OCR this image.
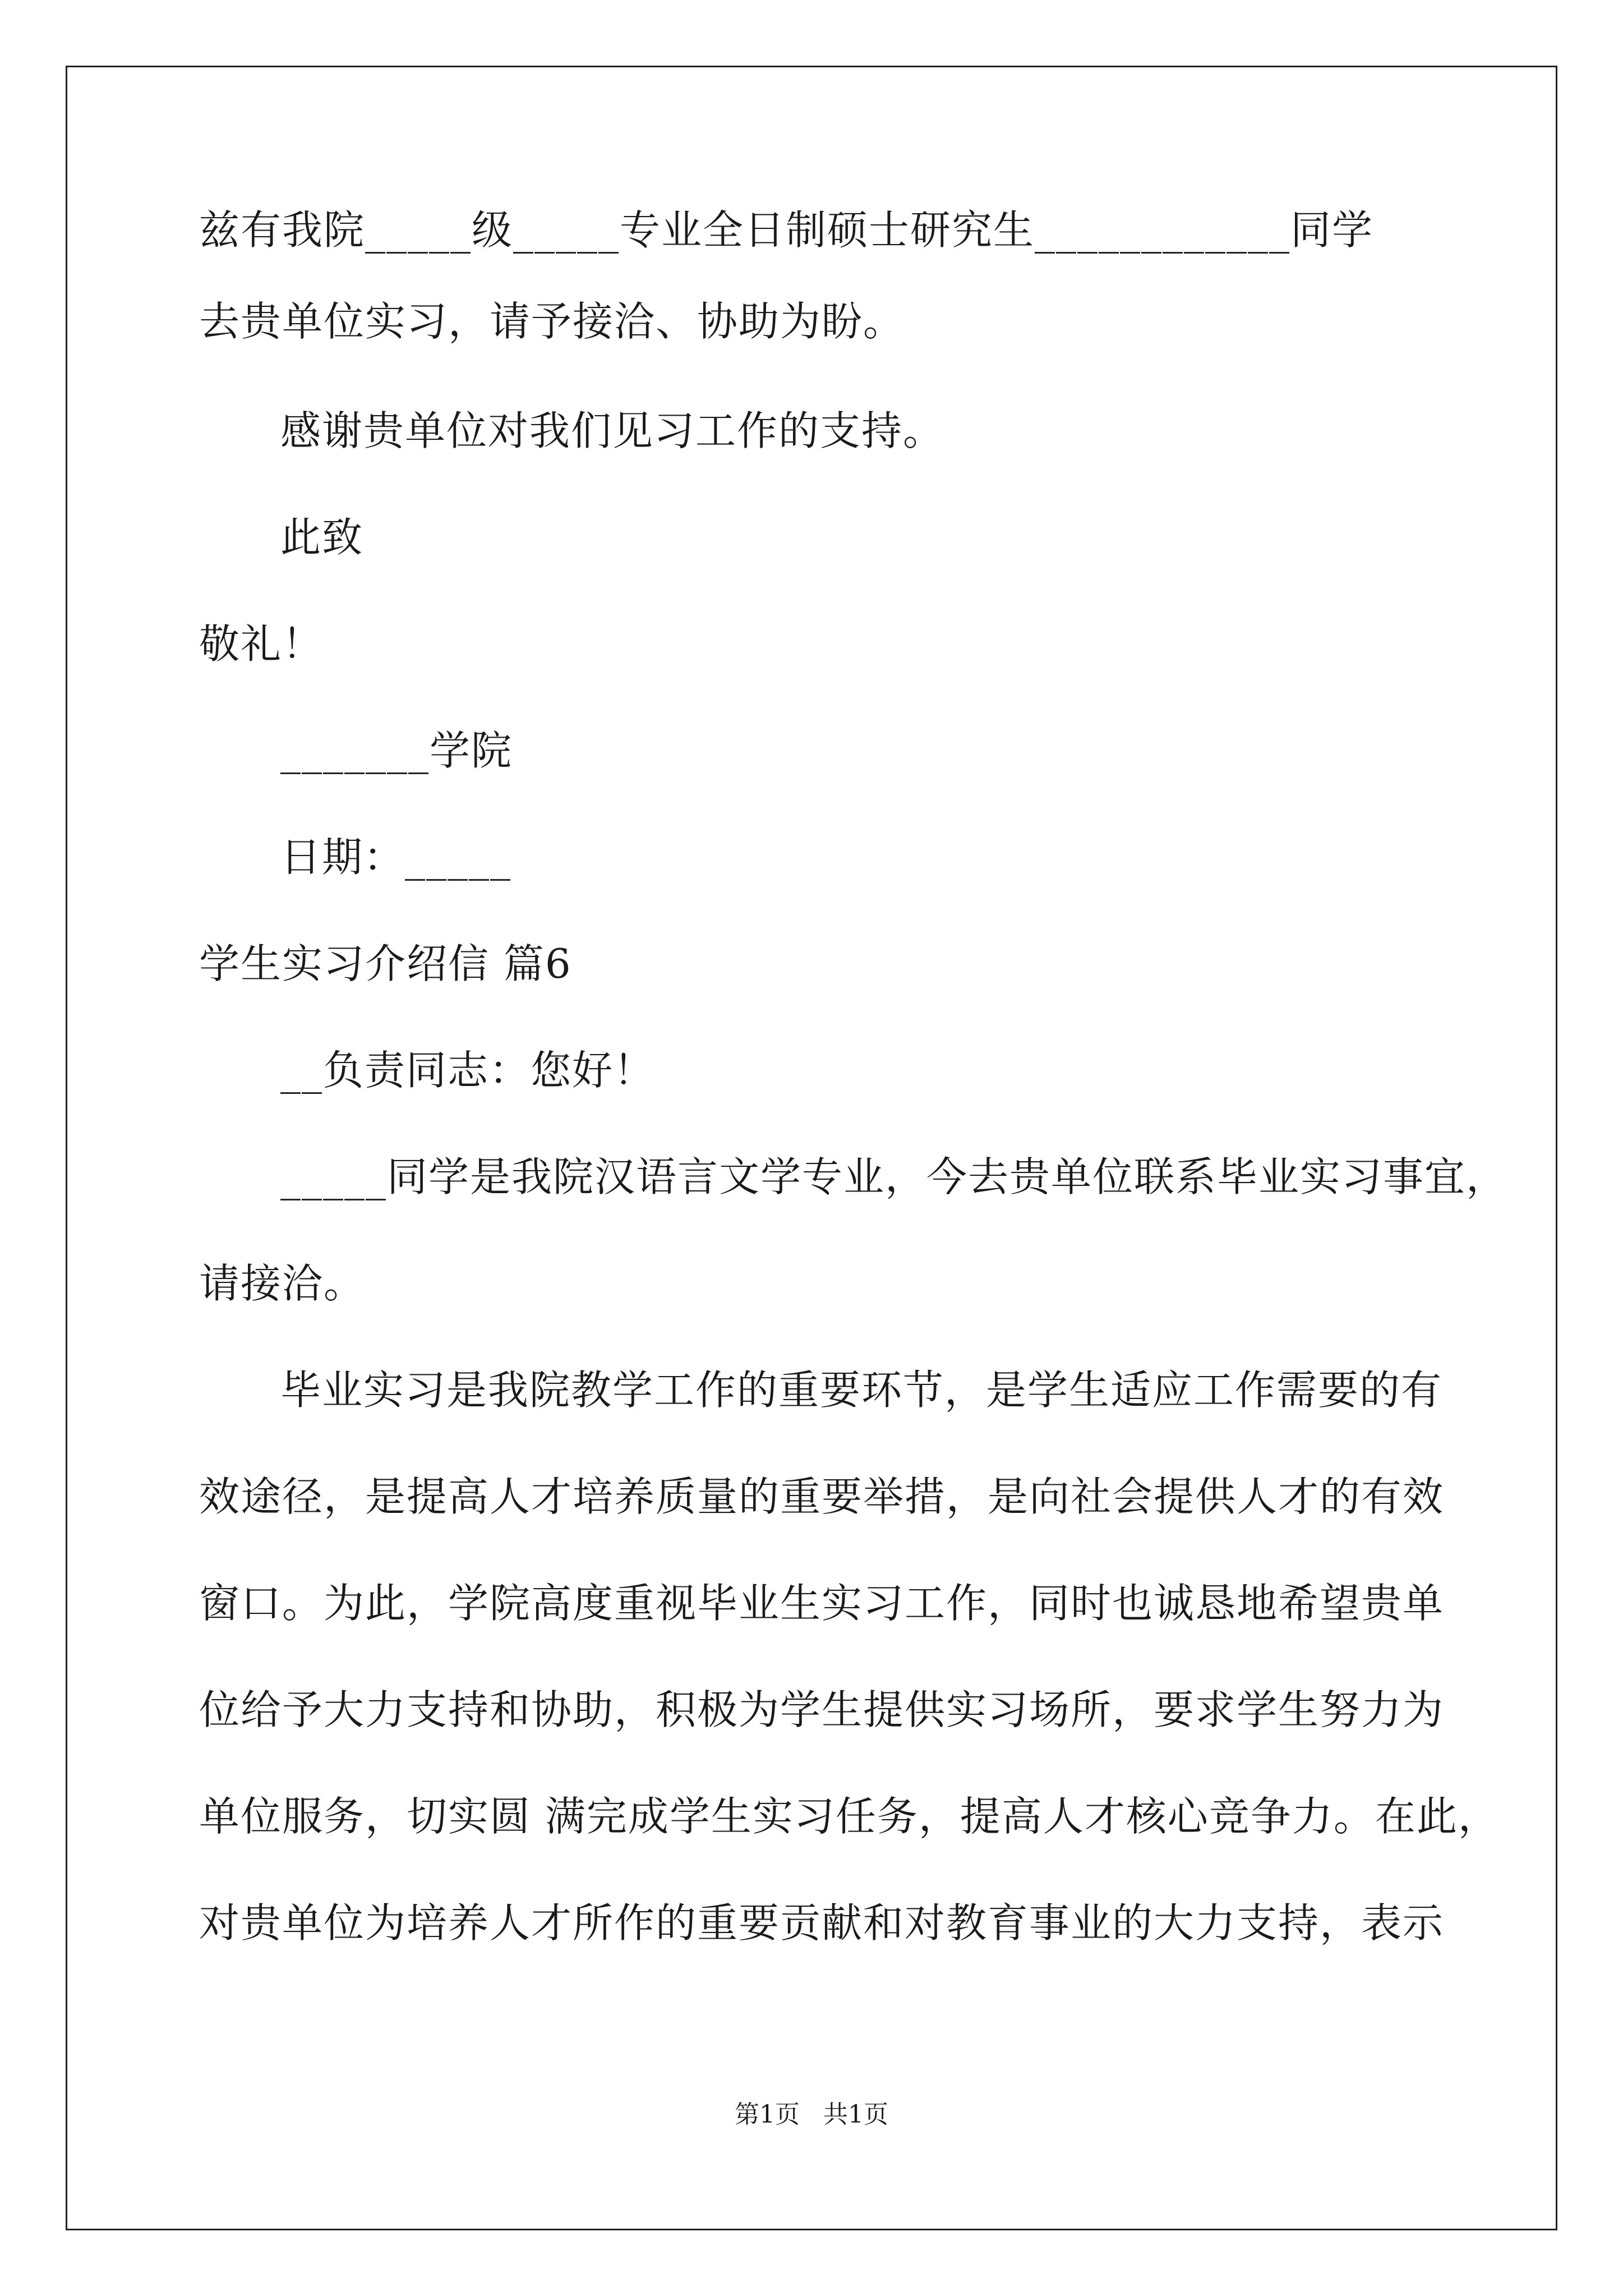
兹有我院_____级_____专业全日制硕士研究生____________同学
去贵单位实习，请予接洽、协助为盼。
感谢贵单位对我们见习工作的支持。
此致
敬礼！
_______学院
日期：_____
学生实习介绍信 篇6
__负责同志：您好！
_____同学是我院汉语言文学专业，今去贵单位联系毕业实习事宜，
请接洽。
毕业实习是我院教学工作的重要环节，是学生适应工作需要的有
效途径，是提高人才培养质量的重要举措，是向社会提供人才的有效
窗口。为此，学院高度重视毕业生实习工作，同时也诚恳地希望贵单
位给予大力支持和协助，积极为学生提供实习场所，要求学生努力为
单位服务，切实圆 满完成学生实习任务，提高人才核心竞争力。在此，
对贵单位为培养人才所作的重要贡献和对教育事业的大力支持，表示
第1页   共1页
